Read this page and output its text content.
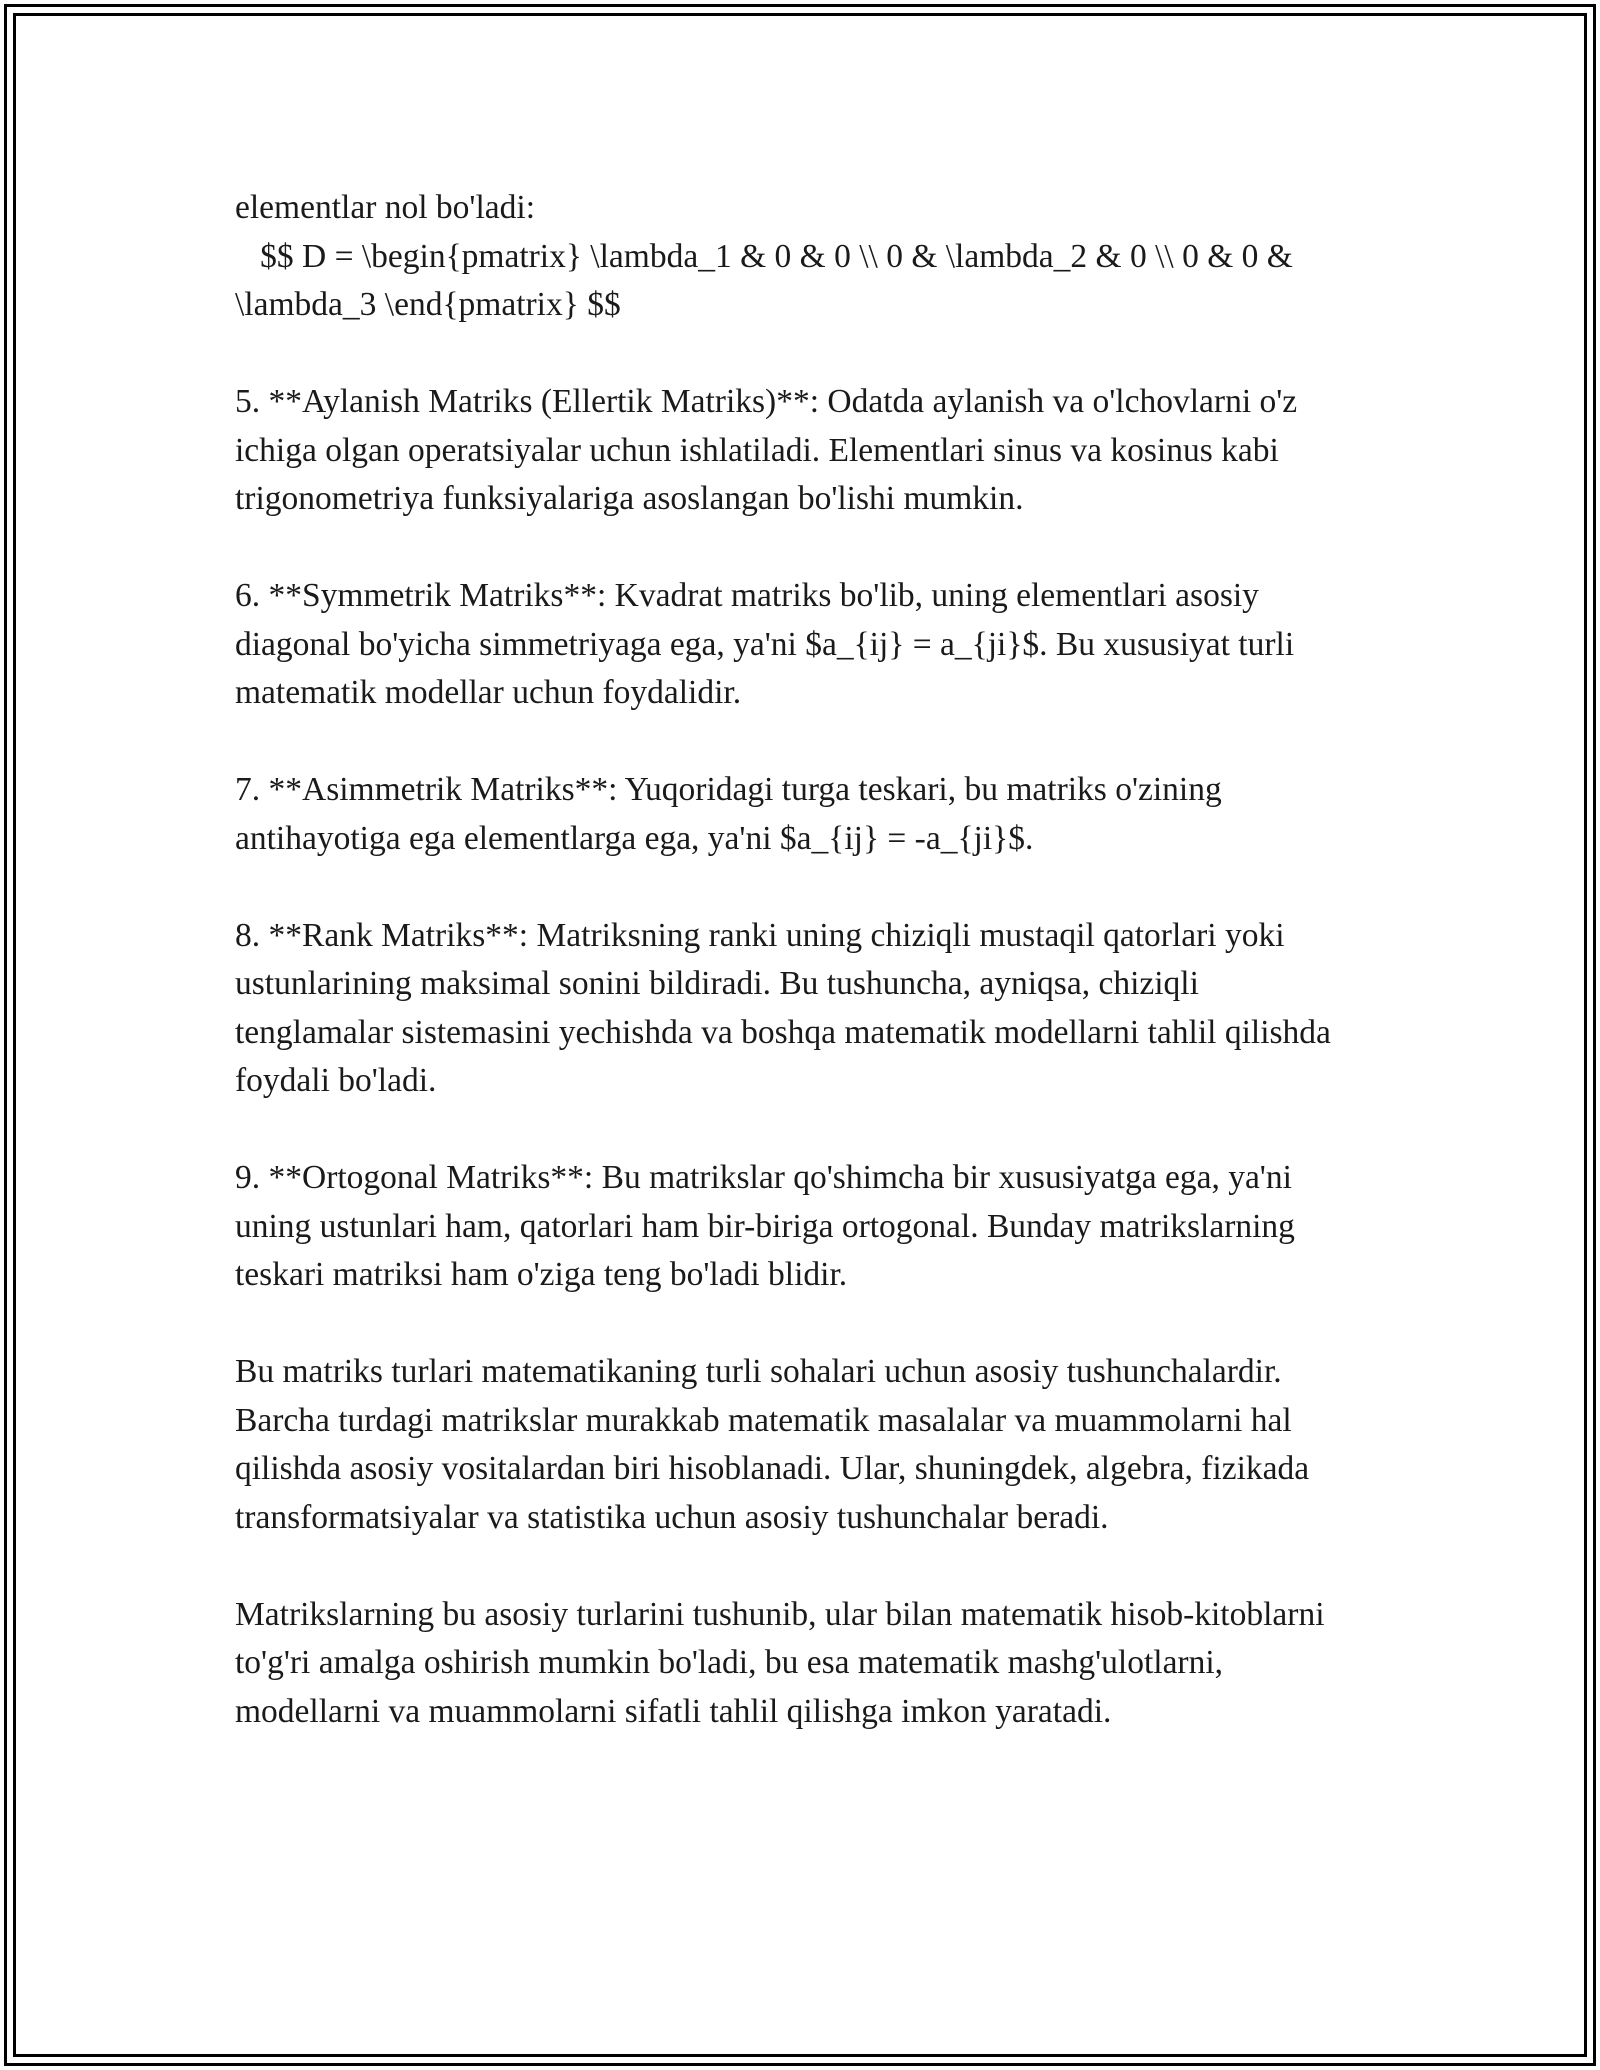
elementlar nol bo'ladi:
$$ D = \begin{pmatrix} \lambda_1 & 0 & 0 \\ 0 & \lambda_2 & 0 \\ 0 & 0 & \lambda_3 \end{pmatrix} $$

5. **Aylanish Matriks (Ellertik Matriks)**: Odatda aylanish va o'lchovlarni o'z ichiga olgan operatsiyalar uchun ishlatiladi. Elementlari sinus va kosinus kabi trigonometriya funksiyalariga asoslangan bo'lishi mumkin.

6. **Symmetrik Matriks**: Kvadrat matriks bo'lib, uning elementlari asosiy diagonal bo'yicha simmetriyaga ega, ya'ni $a_{ij} = a_{ji}$. Bu xususiyat turli matematik modellar uchun foydalidir.

7. **Asimmetrik Matriks**: Yuqoridagi turga teskari, bu matriks o'zining antihayotiga ega elementlarga ega, ya'ni $a_{ij} = -a_{ji}$.

8. **Rank Matriks**: Matriksning ranki uning chiziqli mustaqil qatorlari yoki ustunlarining maksimal sonini bildiradi. Bu tushuncha, ayniqsa, chiziqli tenglamalar sistemasini yechishda va boshqa matematik modellarni tahlil qilishda foydali bo'ladi.

9. **Ortogonal Matriks**: Bu matrikslar qo'shimcha bir xususiyatga ega, ya'ni uning ustunlari ham, qatorlari ham bir-biriga ortogonal. Bunday matrikslarning teskari matriksi ham o'ziga teng bo'ladi blidir.

Bu matriks turlari matematikaning turli sohalari uchun asosiy tushunchalardir. Barcha turdagi matrikslar murakkab matematik masalalar va muammolarni hal qilishda asosiy vositalardan biri hisoblanadi. Ular, shuningdek, algebra, fizikada transformatsiyalar va statistika uchun asosiy tushunchalar beradi.

Matrikslarning bu asosiy turlarini tushunib, ular bilan matematik hisob-kitoblarni to'g'ri amalga oshirish mumkin bo'ladi, bu esa matematik mashg'ulotlarni, modellarni va muammolarni sifatli tahlil qilishga imkon yaratadi.
